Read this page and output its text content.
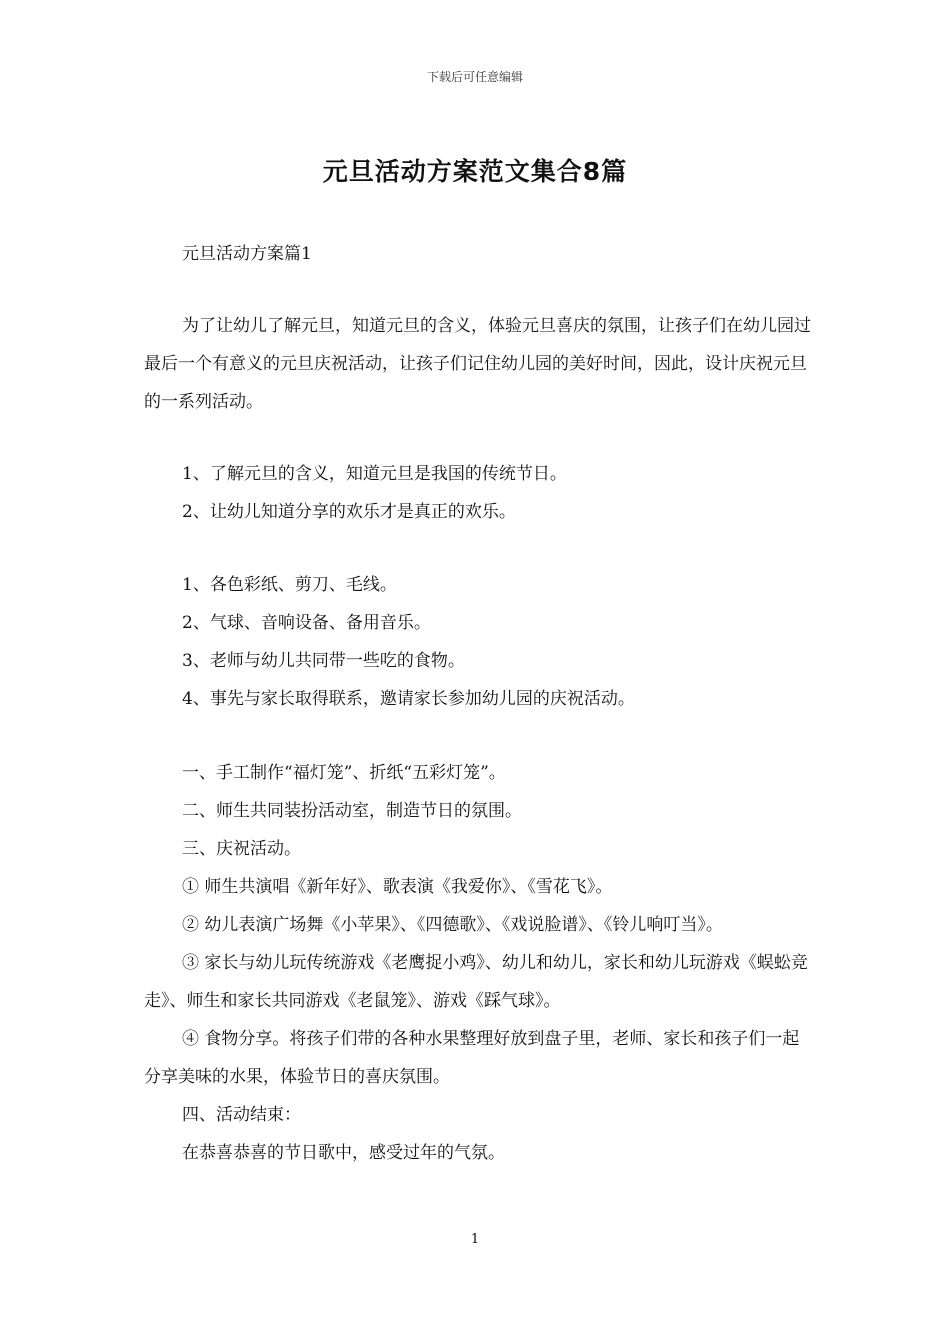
下载后可任意编辑
元旦活动方案范文集合8篇
元旦活动方案篇1

为了让幼儿了解元旦，知道元旦的含义，体验元旦喜庆的氛围，让孩子们在幼儿园过最后一个有意义的元旦庆祝活动，让孩子们记住幼儿园的美好时间，因此，设计庆祝元旦的一系列活动。

1、了解元旦的含义，知道元旦是我国的传统节日。

2、让幼儿知道分享的欢乐才是真正的欢乐。

1、各色彩纸、剪刀、毛线。

2、气球、音响设备、备用音乐。

3、老师与幼儿共同带一些吃的食物。

4、事先与家长取得联系，邀请家长参加幼儿园的庆祝活动。

一、手工制作“福灯笼”、折纸“五彩灯笼”。

二、师生共同装扮活动室，制造节日的氛围。

三、庆祝活动。

① 师生共演唱《新年好》、歌表演《我爱你》、《雪花飞》。

② 幼儿表演广场舞《小苹果》、《四德歌》、《戏说脸谱》、《铃儿响叮当》。

③ 家长与幼儿玩传统游戏《老鹰捉小鸡》、幼儿和幼儿，家长和幼儿玩游戏《蜈蚣竞走》、师生和家长共同游戏《老鼠笼》、游戏《踩气球》。

④ 食物分享。将孩子们带的各种水果整理好放到盘子里，老师、家长和孩子们一起分享美味的水果，体验节日的喜庆氛围。

四、活动结束：

在恭喜恭喜的节日歌中，感受过年的气氛。

1
